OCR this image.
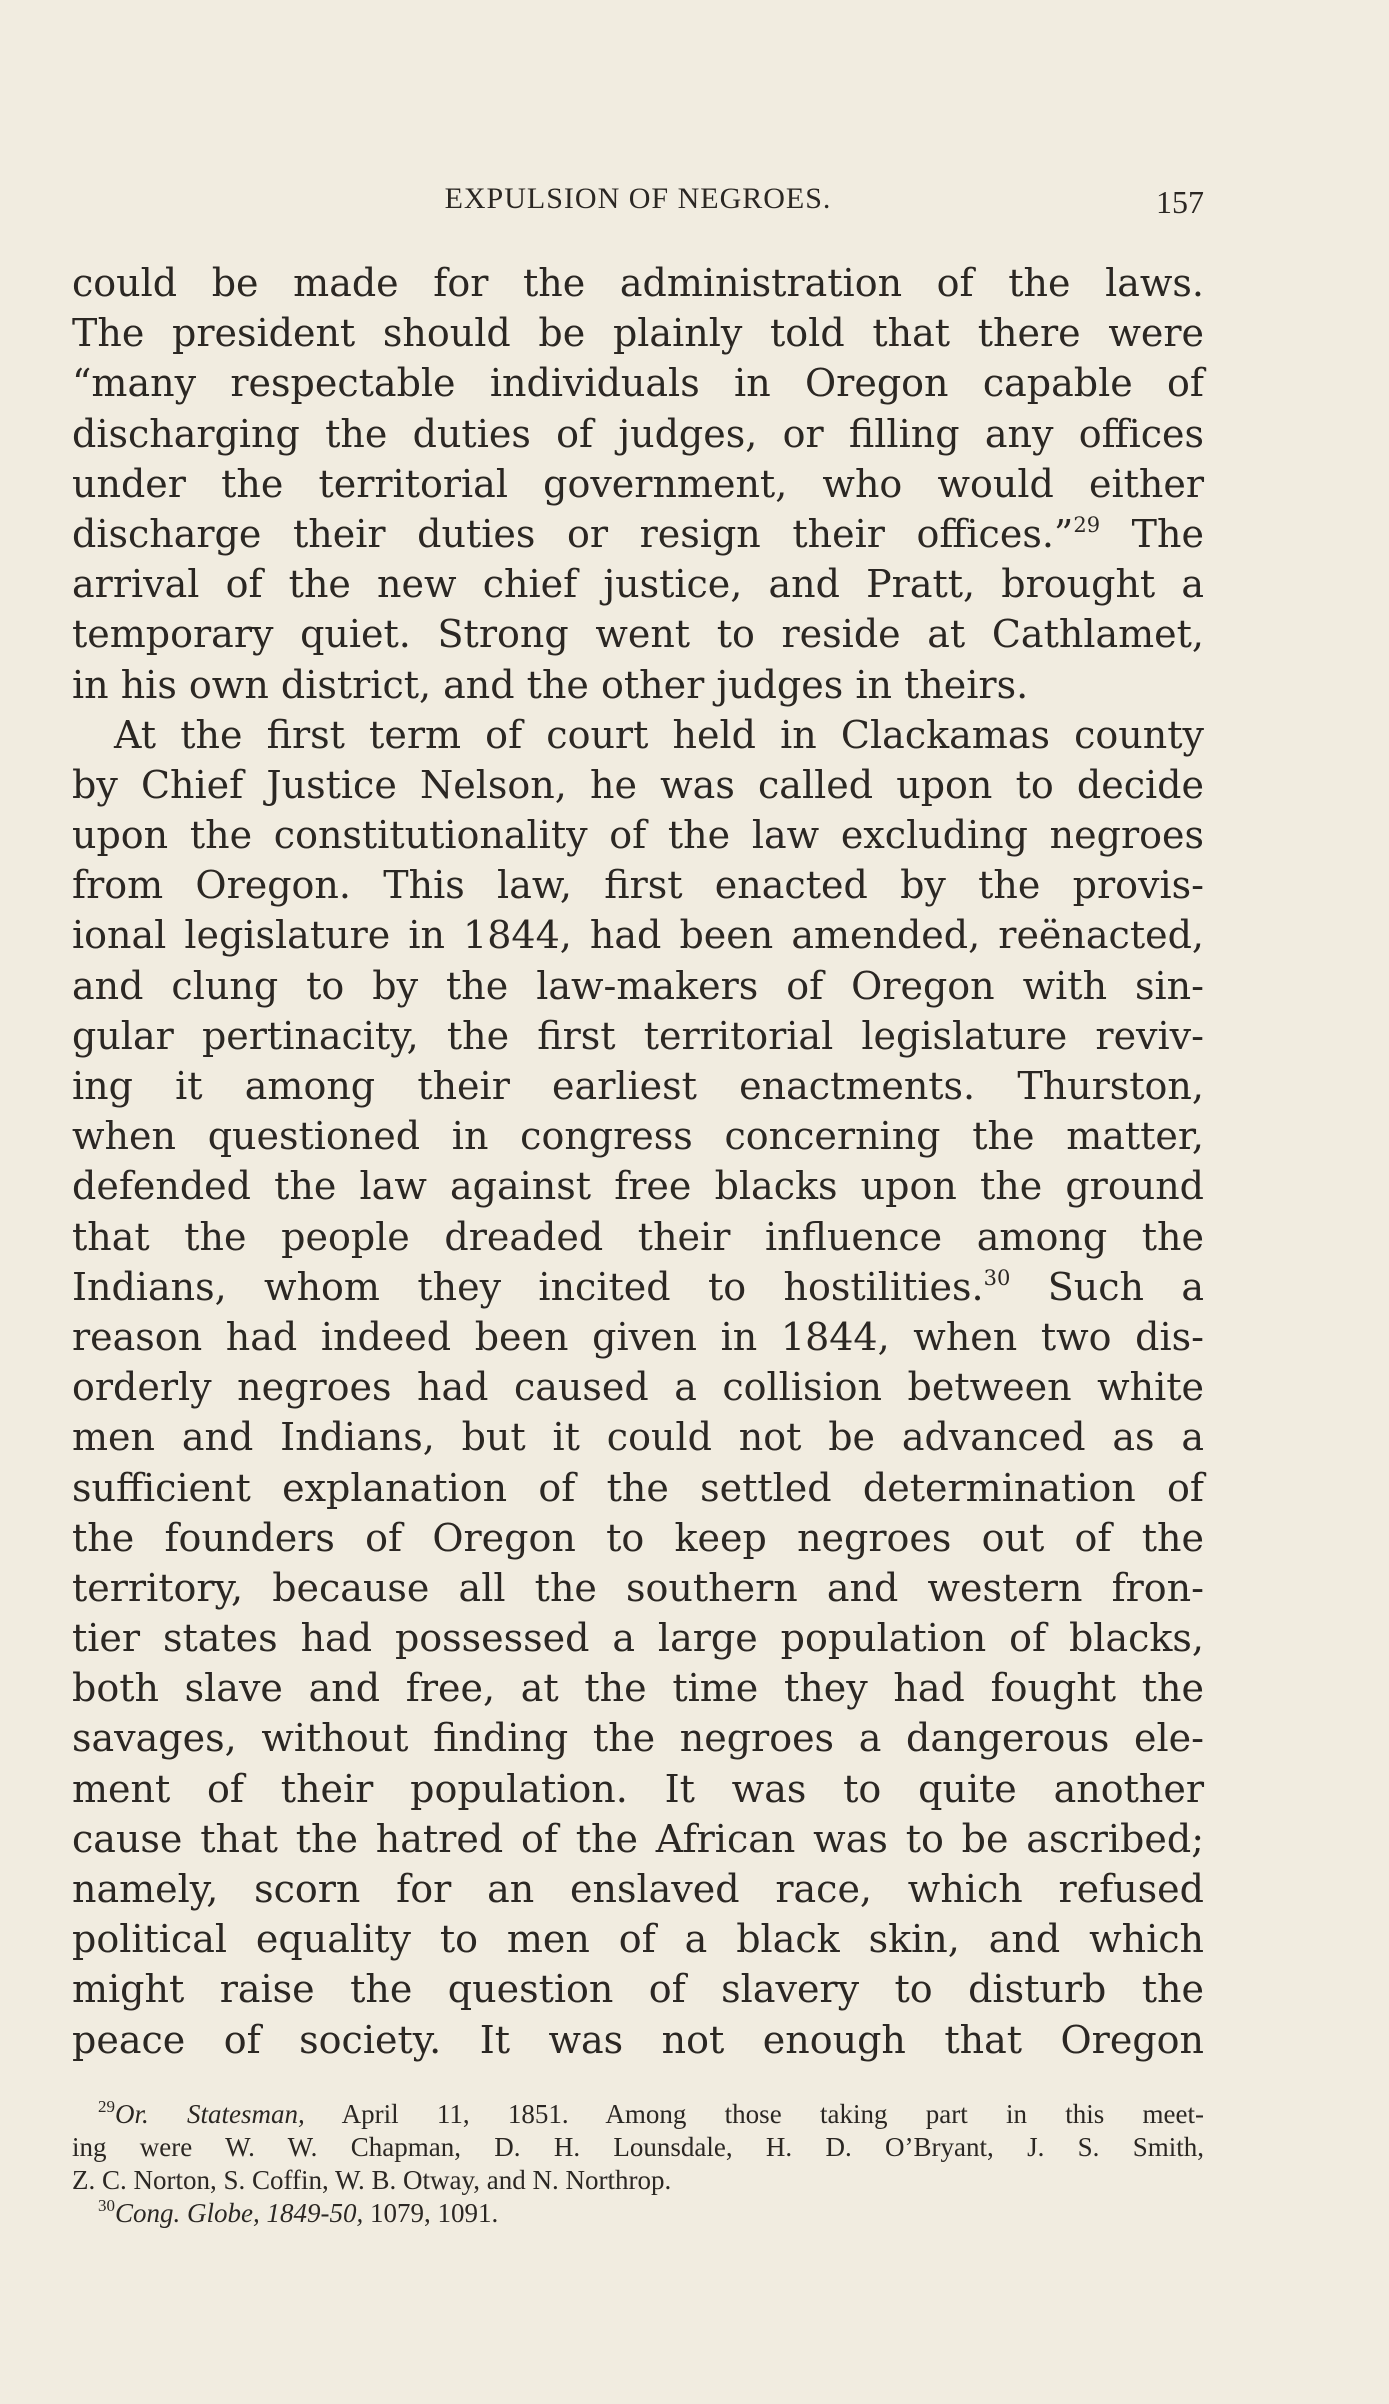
EXPULSION OF NEGROES.	157
could be made for the administration of the laws.
The president should be plainly told that there were
“many respectable individuals in Oregon capable of
discharging the duties of judges, or filling any offices
under the territorial government, who would either
discharge their duties or resign their offices.”$^{29}$ The
arrival of the new chief justice, and Pratt, brought a
temporary quiet. Strong went to reside at Cathlamet,
in his own district, and the other judges in theirs.
At the first term of court held in Clackamas county
by Chief Justice Nelson, he was called upon to decide
upon the constitutionality of the law excluding negroes
from Oregon. This law, first enacted by the provis-
ional legislature in 1844, had been amended, reënacted,
and clung to by the law-makers of Oregon with sin-
gular pertinacity, the first territorial legislature reviv-
ing it among their earliest enactments. Thurston,
when questioned in congress concerning the matter,
defended the law against free blacks upon the ground
that the people dreaded their influence among the
Indians, whom they incited to hostilities.$^{30}$ Such a
reason had indeed been given in 1844, when two dis-
orderly negroes had caused a collision between white
men and Indians, but it could not be advanced as a
sufficient explanation of the settled determination of
the founders of Oregon to keep negroes out of the
territory, because all the southern and western fron-
tier states had possessed a large population of blacks,
both slave and free, at the time they had fought the
savages, without finding the negroes a dangerous ele-
ment of their population. It was to quite another
cause that the hatred of the African was to be ascribed;
namely, scorn for an enslaved race, which refused
political equality to men of a black skin, and which
might raise the question of slavery to disturb the
peace of society. It was not enough that Oregon
$^{29}$Or. Statesman, April 11, 1851. Among those taking part in this meet-
ing were W. W. Chapman, D. H. Lounsdale, H. D. O’Bryant, J. S. Smith,
Z. C. Norton, S. Coffin, W. B. Otway, and N. Northrop.
$^{30}$Cong. Globe, 1849-50, 1079, 1091.
